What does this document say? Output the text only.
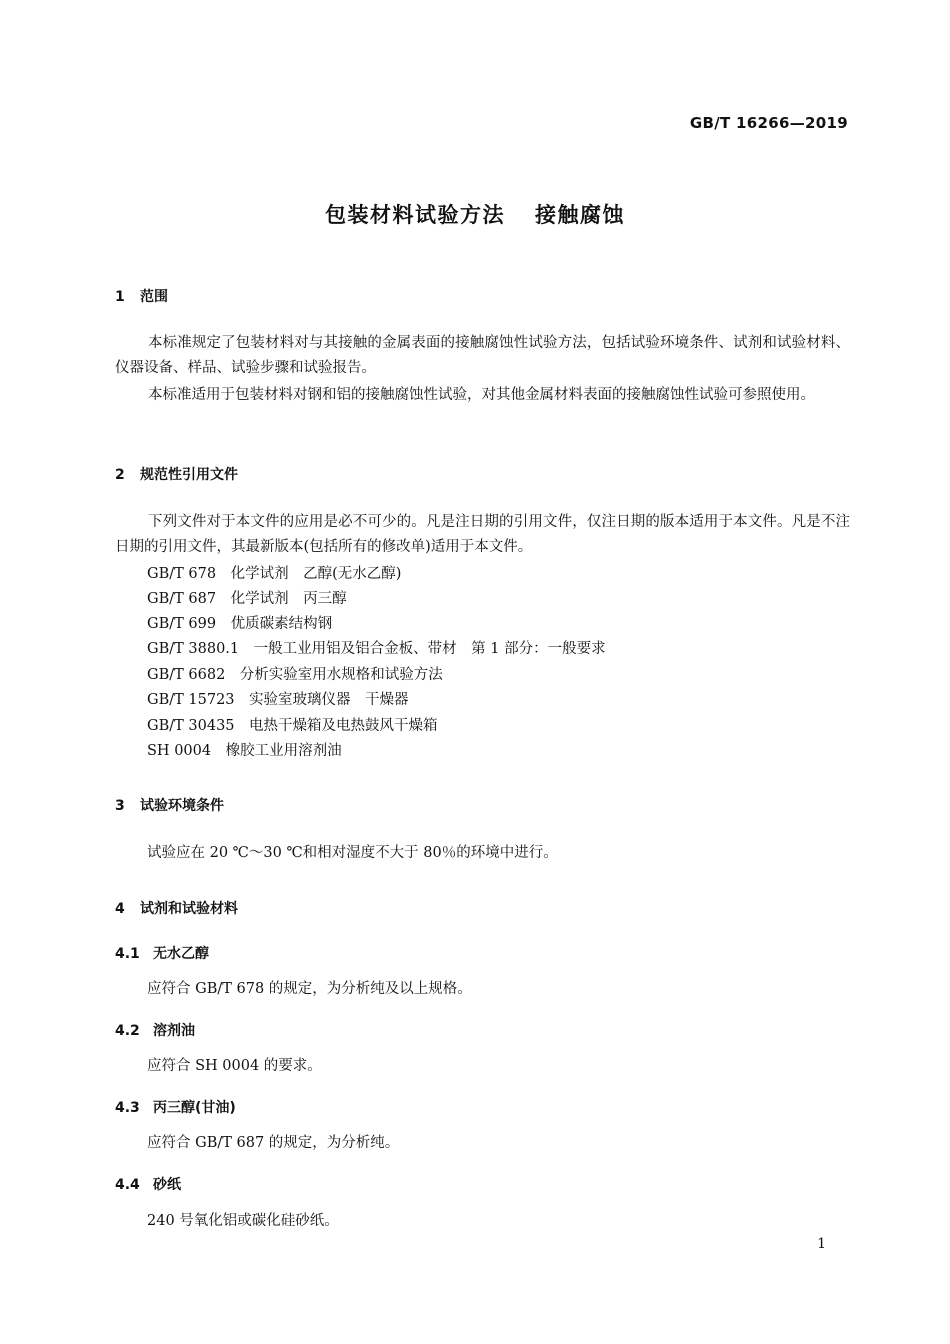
GB/T 16266—2019
包装材料试验方法 接触腐蚀
1 范围
本标准规定了包装材料对与其接触的金属表面的接触腐蚀性试验方法，包括试验环境条件、试剂和试验材料、仪器设备、样品、试验步骤和试验报告。
本标准适用于包装材料对钢和铝的接触腐蚀性试验，对其他金属材料表面的接触腐蚀性试验可参照使用。
2 规范性引用文件
下列文件对于本文件的应用是必不可少的。凡是注日期的引用文件，仅注日期的版本适用于本文件。凡是不注日期的引用文件，其最新版本(包括所有的修改单)适用于本文件。
GB/T 678　化学试剂　乙醇(无水乙醇)
GB/T 687　化学试剂　丙三醇
GB/T 699　优质碳素结构钢
GB/T 3880.1　一般工业用铝及铝合金板、带材　第 1 部分：一般要求
GB/T 6682　分析实验室用水规格和试验方法
GB/T 15723　实验室玻璃仪器　干燥器
GB/T 30435　电热干燥箱及电热鼓风干燥箱
SH 0004　橡胶工业用溶剂油
3 试验环境条件
试验应在 20 ℃～30 ℃和相对湿度不大于 80％的环境中进行。
4 试剂和试验材料
4.1 无水乙醇
应符合 GB/T 678 的规定，为分析纯及以上规格。
4.2 溶剂油
应符合 SH 0004 的要求。
4.3 丙三醇(甘油)
应符合 GB/T 687 的规定，为分析纯。
4.4 砂纸
240 号氧化铝或碳化硅砂纸。
1
